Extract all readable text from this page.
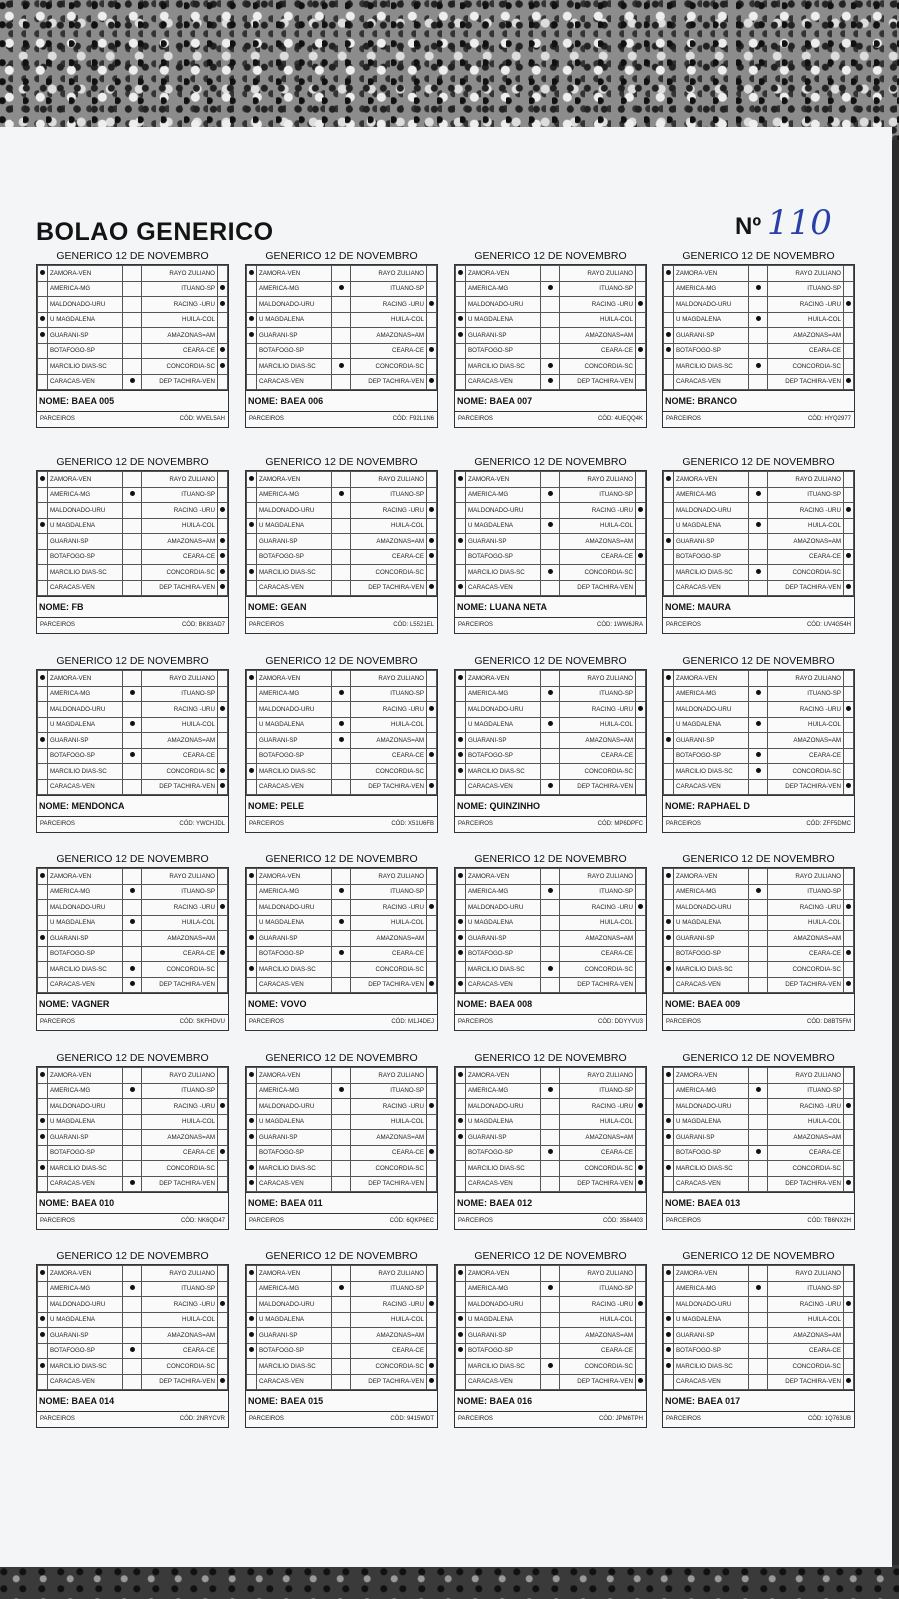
BOLAO GENERICO	Nº 110
GENERICO 12 DE NOVEMBRO
	ZAMORA-VEN		RAYO ZULIANO	
	AMERICA-MG		ITUANO-SP	
	MALDONADO-URU		RACING -URU	
	U MAGDALENA		HUILA-COL	
	GUARANI-SP		AMAZONAS=AM	
	BOTAFOGO-SP		CEARA-CE	
	MARCILIO DIAS-SC		CONCORDIA-SC	
	CARACAS-VEN		DEP TACHIRA-VEN	
NOME: BAEA 005
PARCEIROS	CÓD: WVEL5AH
GENERICO 12 DE NOVEMBRO
	ZAMORA-VEN		RAYO ZULIANO	
	AMERICA-MG		ITUANO-SP	
	MALDONADO-URU		RACING -URU	
	U MAGDALENA		HUILA-COL	
	GUARANI-SP		AMAZONAS=AM	
	BOTAFOGO-SP		CEARA-CE	
	MARCILIO DIAS-SC		CONCORDIA-SC	
	CARACAS-VEN		DEP TACHIRA-VEN	
NOME: BAEA 006
PARCEIROS	CÓD: F92L1N6
GENERICO 12 DE NOVEMBRO
	ZAMORA-VEN		RAYO ZULIANO	
	AMERICA-MG		ITUANO-SP	
	MALDONADO-URU		RACING -URU	
	U MAGDALENA		HUILA-COL	
	GUARANI-SP		AMAZONAS=AM	
	BOTAFOGO-SP		CEARA-CE	
	MARCILIO DIAS-SC		CONCORDIA-SC	
	CARACAS-VEN		DEP TACHIRA-VEN	
NOME: BAEA 007
PARCEIROS	CÓD: 4UEQQ4K
GENERICO 12 DE NOVEMBRO
	ZAMORA-VEN		RAYO ZULIANO	
	AMERICA-MG		ITUANO-SP	
	MALDONADO-URU		RACING -URU	
	U MAGDALENA		HUILA-COL	
	GUARANI-SP		AMAZONAS=AM	
	BOTAFOGO-SP		CEARA-CE	
	MARCILIO DIAS-SC		CONCORDIA-SC	
	CARACAS-VEN		DEP TACHIRA-VEN	
NOME: BRANCO
PARCEIROS	CÓD: HYQ2977
GENERICO 12 DE NOVEMBRO
	ZAMORA-VEN		RAYO ZULIANO	
	AMERICA-MG		ITUANO-SP	
	MALDONADO-URU		RACING -URU	
	U MAGDALENA		HUILA-COL	
	GUARANI-SP		AMAZONAS=AM	
	BOTAFOGO-SP		CEARA-CE	
	MARCILIO DIAS-SC		CONCORDIA-SC	
	CARACAS-VEN		DEP TACHIRA-VEN	
NOME: FB
PARCEIROS	CÓD: BK83AD7
GENERICO 12 DE NOVEMBRO
	ZAMORA-VEN		RAYO ZULIANO	
	AMERICA-MG		ITUANO-SP	
	MALDONADO-URU		RACING -URU	
	U MAGDALENA		HUILA-COL	
	GUARANI-SP		AMAZONAS=AM	
	BOTAFOGO-SP		CEARA-CE	
	MARCILIO DIAS-SC		CONCORDIA-SC	
	CARACAS-VEN		DEP TACHIRA-VEN	
NOME: GEAN
PARCEIROS	CÓD: L5521EL
GENERICO 12 DE NOVEMBRO
	ZAMORA-VEN		RAYO ZULIANO	
	AMERICA-MG		ITUANO-SP	
	MALDONADO-URU		RACING -URU	
	U MAGDALENA		HUILA-COL	
	GUARANI-SP		AMAZONAS=AM	
	BOTAFOGO-SP		CEARA-CE	
	MARCILIO DIAS-SC		CONCORDIA-SC	
	CARACAS-VEN		DEP TACHIRA-VEN	
NOME: LUANA NETA
PARCEIROS	CÓD: 1WW6JRA
GENERICO 12 DE NOVEMBRO
	ZAMORA-VEN		RAYO ZULIANO	
	AMERICA-MG		ITUANO-SP	
	MALDONADO-URU		RACING -URU	
	U MAGDALENA		HUILA-COL	
	GUARANI-SP		AMAZONAS=AM	
	BOTAFOGO-SP		CEARA-CE	
	MARCILIO DIAS-SC		CONCORDIA-SC	
	CARACAS-VEN		DEP TACHIRA-VEN	
NOME: MAURA
PARCEIROS	CÓD: UV4G54H
GENERICO 12 DE NOVEMBRO
	ZAMORA-VEN		RAYO ZULIANO	
	AMERICA-MG		ITUANO-SP	
	MALDONADO-URU		RACING -URU	
	U MAGDALENA		HUILA-COL	
	GUARANI-SP		AMAZONAS=AM	
	BOTAFOGO-SP		CEARA-CE	
	MARCILIO DIAS-SC		CONCORDIA-SC	
	CARACAS-VEN		DEP TACHIRA-VEN	
NOME: MENDONCA
PARCEIROS	CÓD: YWCHJDL
GENERICO 12 DE NOVEMBRO
	ZAMORA-VEN		RAYO ZULIANO	
	AMERICA-MG		ITUANO-SP	
	MALDONADO-URU		RACING -URU	
	U MAGDALENA		HUILA-COL	
	GUARANI-SP		AMAZONAS=AM	
	BOTAFOGO-SP		CEARA-CE	
	MARCILIO DIAS-SC		CONCORDIA-SC	
	CARACAS-VEN		DEP TACHIRA-VEN	
NOME: PELE
PARCEIROS	CÓD: X51U6FB
GENERICO 12 DE NOVEMBRO
	ZAMORA-VEN		RAYO ZULIANO	
	AMERICA-MG		ITUANO-SP	
	MALDONADO-URU		RACING -URU	
	U MAGDALENA		HUILA-COL	
	GUARANI-SP		AMAZONAS=AM	
	BOTAFOGO-SP		CEARA-CE	
	MARCILIO DIAS-SC		CONCORDIA-SC	
	CARACAS-VEN		DEP TACHIRA-VEN	
NOME: QUINZINHO
PARCEIROS	CÓD: MP6DPFC
GENERICO 12 DE NOVEMBRO
	ZAMORA-VEN		RAYO ZULIANO	
	AMERICA-MG		ITUANO-SP	
	MALDONADO-URU		RACING -URU	
	U MAGDALENA		HUILA-COL	
	GUARANI-SP		AMAZONAS=AM	
	BOTAFOGO-SP		CEARA-CE	
	MARCILIO DIAS-SC		CONCORDIA-SC	
	CARACAS-VEN		DEP TACHIRA-VEN	
NOME: RAPHAEL D
PARCEIROS	CÓD: ZFF5DMC
GENERICO 12 DE NOVEMBRO
	ZAMORA-VEN		RAYO ZULIANO	
	AMERICA-MG		ITUANO-SP	
	MALDONADO-URU		RACING -URU	
	U MAGDALENA		HUILA-COL	
	GUARANI-SP		AMAZONAS=AM	
	BOTAFOGO-SP		CEARA-CE	
	MARCILIO DIAS-SC		CONCORDIA-SC	
	CARACAS-VEN		DEP TACHIRA-VEN	
NOME: VAGNER
PARCEIROS	CÓD: SKFHDVU
GENERICO 12 DE NOVEMBRO
	ZAMORA-VEN		RAYO ZULIANO	
	AMERICA-MG		ITUANO-SP	
	MALDONADO-URU		RACING -URU	
	U MAGDALENA		HUILA-COL	
	GUARANI-SP		AMAZONAS=AM	
	BOTAFOGO-SP		CEARA-CE	
	MARCILIO DIAS-SC		CONCORDIA-SC	
	CARACAS-VEN		DEP TACHIRA-VEN	
NOME: VOVO
PARCEIROS	CÓD: M1J4DEJ
GENERICO 12 DE NOVEMBRO
	ZAMORA-VEN		RAYO ZULIANO	
	AMERICA-MG		ITUANO-SP	
	MALDONADO-URU		RACING -URU	
	U MAGDALENA		HUILA-COL	
	GUARANI-SP		AMAZONAS=AM	
	BOTAFOGO-SP		CEARA-CE	
	MARCILIO DIAS-SC		CONCORDIA-SC	
	CARACAS-VEN		DEP TACHIRA-VEN	
NOME: BAEA 008
PARCEIROS	CÓD: DDYYVU3
GENERICO 12 DE NOVEMBRO
	ZAMORA-VEN		RAYO ZULIANO	
	AMERICA-MG		ITUANO-SP	
	MALDONADO-URU		RACING -URU	
	U MAGDALENA		HUILA-COL	
	GUARANI-SP		AMAZONAS=AM	
	BOTAFOGO-SP		CEARA-CE	
	MARCILIO DIAS-SC		CONCORDIA-SC	
	CARACAS-VEN		DEP TACHIRA-VEN	
NOME: BAEA 009
PARCEIROS	CÓD: D8BT5FM
GENERICO 12 DE NOVEMBRO
	ZAMORA-VEN		RAYO ZULIANO	
	AMERICA-MG		ITUANO-SP	
	MALDONADO-URU		RACING -URU	
	U MAGDALENA		HUILA-COL	
	GUARANI-SP		AMAZONAS=AM	
	BOTAFOGO-SP		CEARA-CE	
	MARCILIO DIAS-SC		CONCORDIA-SC	
	CARACAS-VEN		DEP TACHIRA-VEN	
NOME: BAEA 010
PARCEIROS	CÓD: NK6QD47
GENERICO 12 DE NOVEMBRO
	ZAMORA-VEN		RAYO ZULIANO	
	AMERICA-MG		ITUANO-SP	
	MALDONADO-URU		RACING -URU	
	U MAGDALENA		HUILA-COL	
	GUARANI-SP		AMAZONAS=AM	
	BOTAFOGO-SP		CEARA-CE	
	MARCILIO DIAS-SC		CONCORDIA-SC	
	CARACAS-VEN		DEP TACHIRA-VEN	
NOME: BAEA 011
PARCEIROS	CÓD: 6QKP6EC
GENERICO 12 DE NOVEMBRO
	ZAMORA-VEN		RAYO ZULIANO	
	AMERICA-MG		ITUANO-SP	
	MALDONADO-URU		RACING -URU	
	U MAGDALENA		HUILA-COL	
	GUARANI-SP		AMAZONAS=AM	
	BOTAFOGO-SP		CEARA-CE	
	MARCILIO DIAS-SC		CONCORDIA-SC	
	CARACAS-VEN		DEP TACHIRA-VEN	
NOME: BAEA 012
PARCEIROS	CÓD: 3584403
GENERICO 12 DE NOVEMBRO
	ZAMORA-VEN		RAYO ZULIANO	
	AMERICA-MG		ITUANO-SP	
	MALDONADO-URU		RACING -URU	
	U MAGDALENA		HUILA-COL	
	GUARANI-SP		AMAZONAS=AM	
	BOTAFOGO-SP		CEARA-CE	
	MARCILIO DIAS-SC		CONCORDIA-SC	
	CARACAS-VEN		DEP TACHIRA-VEN	
NOME: BAEA 013
PARCEIROS	CÓD: TB6NX2H
GENERICO 12 DE NOVEMBRO
	ZAMORA-VEN		RAYO ZULIANO	
	AMERICA-MG		ITUANO-SP	
	MALDONADO-URU		RACING -URU	
	U MAGDALENA		HUILA-COL	
	GUARANI-SP		AMAZONAS=AM	
	BOTAFOGO-SP		CEARA-CE	
	MARCILIO DIAS-SC		CONCORDIA-SC	
	CARACAS-VEN		DEP TACHIRA-VEN	
NOME: BAEA 014
PARCEIROS	CÓD: 2NRYCVR
GENERICO 12 DE NOVEMBRO
	ZAMORA-VEN		RAYO ZULIANO	
	AMERICA-MG		ITUANO-SP	
	MALDONADO-URU		RACING -URU	
	U MAGDALENA		HUILA-COL	
	GUARANI-SP		AMAZONAS=AM	
	BOTAFOGO-SP		CEARA-CE	
	MARCILIO DIAS-SC		CONCORDIA-SC	
	CARACAS-VEN		DEP TACHIRA-VEN	
NOME: BAEA 015
PARCEIROS	CÓD: 9415WDT
GENERICO 12 DE NOVEMBRO
	ZAMORA-VEN		RAYO ZULIANO	
	AMERICA-MG		ITUANO-SP	
	MALDONADO-URU		RACING -URU	
	U MAGDALENA		HUILA-COL	
	GUARANI-SP		AMAZONAS=AM	
	BOTAFOGO-SP		CEARA-CE	
	MARCILIO DIAS-SC		CONCORDIA-SC	
	CARACAS-VEN		DEP TACHIRA-VEN	
NOME: BAEA 016
PARCEIROS	CÓD: JPM6TPH
GENERICO 12 DE NOVEMBRO
	ZAMORA-VEN		RAYO ZULIANO	
	AMERICA-MG		ITUANO-SP	
	MALDONADO-URU		RACING -URU	
	U MAGDALENA		HUILA-COL	
	GUARANI-SP		AMAZONAS=AM	
	BOTAFOGO-SP		CEARA-CE	
	MARCILIO DIAS-SC		CONCORDIA-SC	
	CARACAS-VEN		DEP TACHIRA-VEN	
NOME: BAEA 017
PARCEIROS	CÓD: 1Q763UB
